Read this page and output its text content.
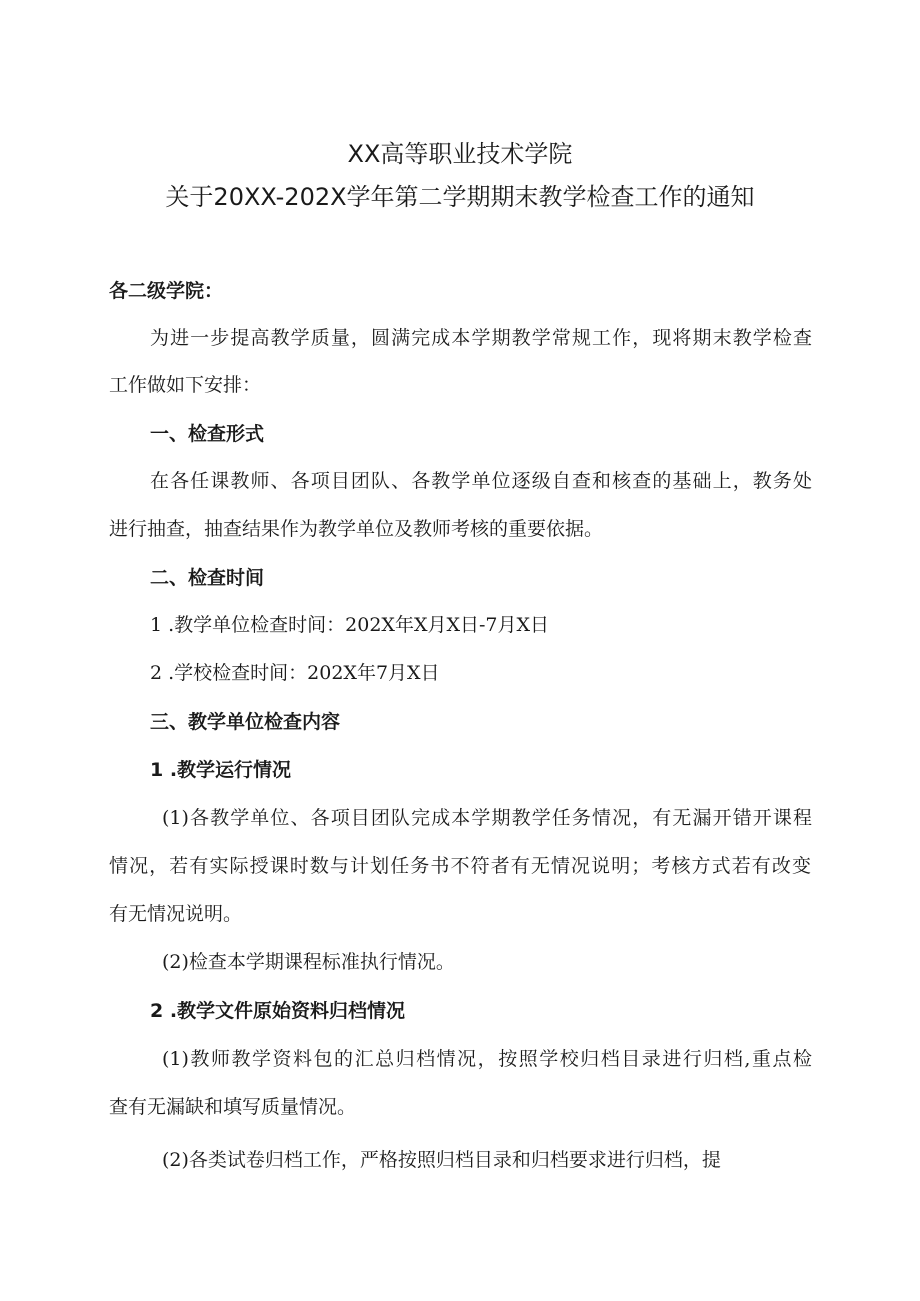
XX高等职业技术学院
关于20XX-202X学年第二学期期末教学检查工作的通知
各二级学院：
为进一步提高教学质量，圆满完成本学期教学常规工作，现将期末教学检查
工作做如下安排：
一、检查形式
在各任课教师、各项目团队、各教学单位逐级自查和核查的基础上，教务处
进行抽查，抽查结果作为教学单位及教师考核的重要依据。
二、检查时间
1 .教学单位检查时间：202X年X月X日-7月X日
2 .学校检查时间：202X年7月X日
三、教学单位检查内容
1 .教学运行情况
(1)各教学单位、各项目团队完成本学期教学任务情况，有无漏开错开课程
情况，若有实际授课时数与计划任务书不符者有无情况说明；考核方式若有改变
有无情况说明。
(2)检查本学期课程标准执行情况。
2 .教学文件原始资料归档情况
(1)教师教学资料包的汇总归档情况，按照学校归档目录进行归档,重点检
查有无漏缺和填写质量情况。
(2)各类试卷归档工作，严格按照归档目录和归档要求进行归档，提
